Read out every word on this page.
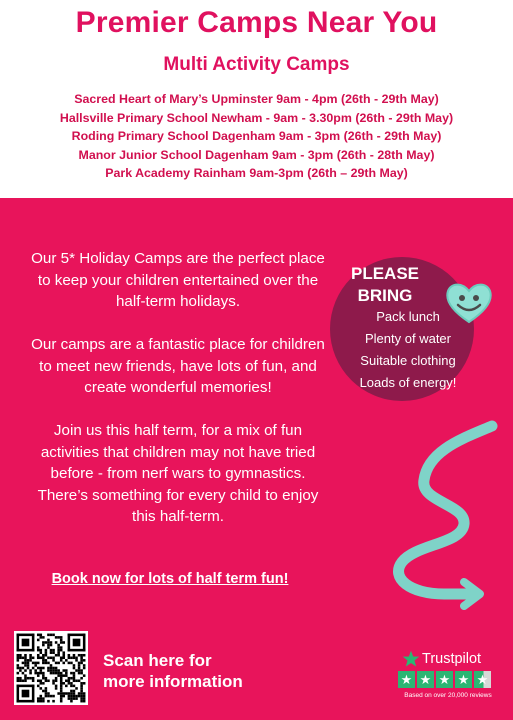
Premier Camps Near You
Multi Activity Camps
Sacred Heart of Mary’s Upminster 9am - 4pm (26th - 29th May)
Hallsville Primary School Newham - 9am - 3.30pm (26th - 29th May)
Roding Primary School Dagenham 9am - 3pm (26th - 29th May)
Manor Junior School Dagenham 9am - 3pm (26th - 28th May)
Park Academy Rainham 9am-3pm (26th – 29th May)

Our 5* Holiday Camps are the perfect place to keep your children entertained over the half-term holidays.

Our camps are a fantastic place for children to meet new friends, have lots of fun, and create wonderful memories!

Join us this half term, for a mix of fun activities that children may not have tried before - from nerf wars to gymnastics. There’s something for every child to enjoy this half-term.

PLEASE
BRING
Pack lunch
Plenty of water
Suitable clothing
Loads of energy!
Book now for lots of half term fun!
Scan here for
more information
Trustpilot
★ ★ ★ ★ ★
Based on over 20,000 reviews
